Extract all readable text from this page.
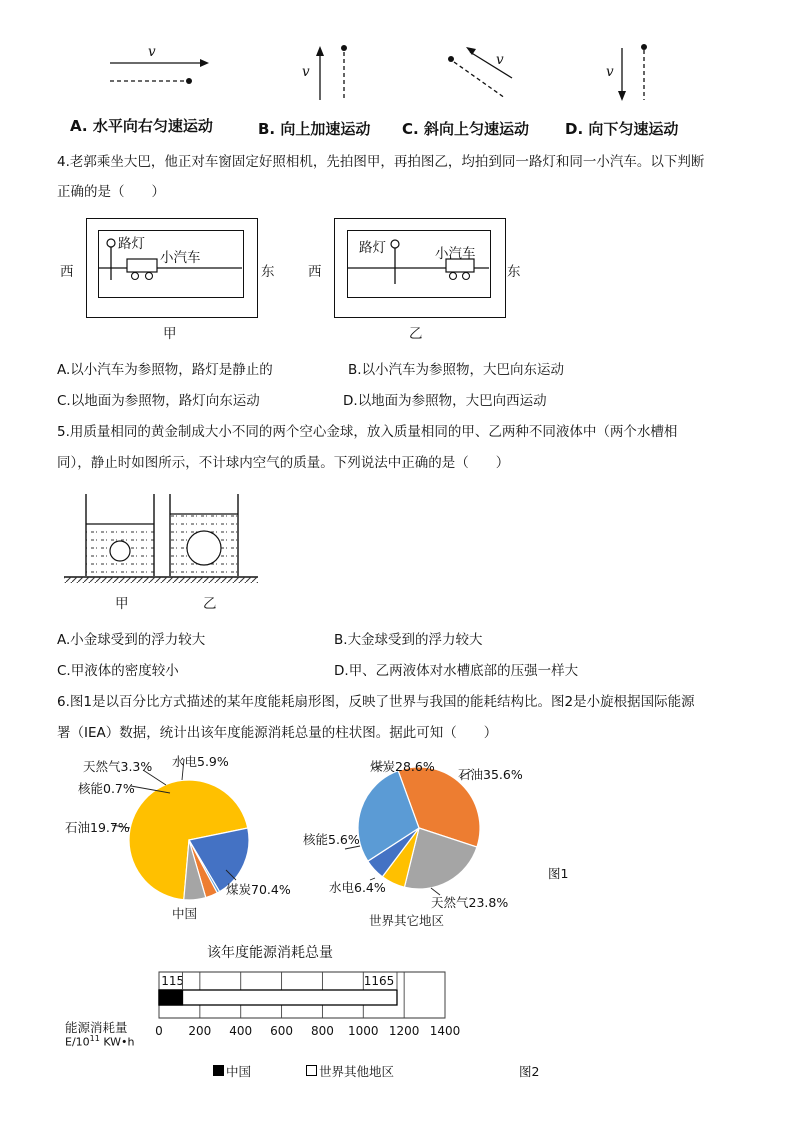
v
v
v
v
A. 水平向右匀速运动	B. 向上加速运动 C. 斜向上匀速运动 D. 向下匀速运动
4.老郭乘坐大巴，他正对车窗固定好照相机，先拍图甲，再拍图乙，均拍到同一路灯和同一小汽车。以下判断
正确的是（　　）
路灯
小汽车
西	东
甲
路灯	小汽车
西	东
乙
A.以小汽车为参照物，路灯是静止的	B.以小汽车为参照物，大巴向东运动
C.以地面为参照物，路灯向东运动	D.以地面为参照物，大巴向西运动
5.用质量相同的黄金制成大小不同的两个空心金球，放入质量相同的甲、乙两种不同液体中（两个水槽相
同），静止时如图所示，不计球内空气的质量。下列说法中正确的是（　　）
甲	乙
A.小金球受到的浮力较大	B.大金球受到的浮力较大
C.甲液体的密度较小	D.甲、乙两液体对水槽底部的压强一样大
6.图1是以百分比方式描述的某年度能耗扇形图，反映了世界与我国的能耗结构比。图2是小旋根据国际能源
署（IEA）数据，统计出该年度能源消耗总量的柱状图。据此可知（　　）
中国
煤炭70.4%
石油19.7%
核能0.7%
天然气3.3% 水电5.9%
世界其它地区
石油35.6%
天然气23.8%
水电6.4%
核能5.6%
煤炭28.6%
图1
该年度能源消耗总量
0 200 400 600 800 1000 1200 1400
115	1165
能源消耗量
$E/10^{11}$ KW•h
中国	世界其他地区	图2
